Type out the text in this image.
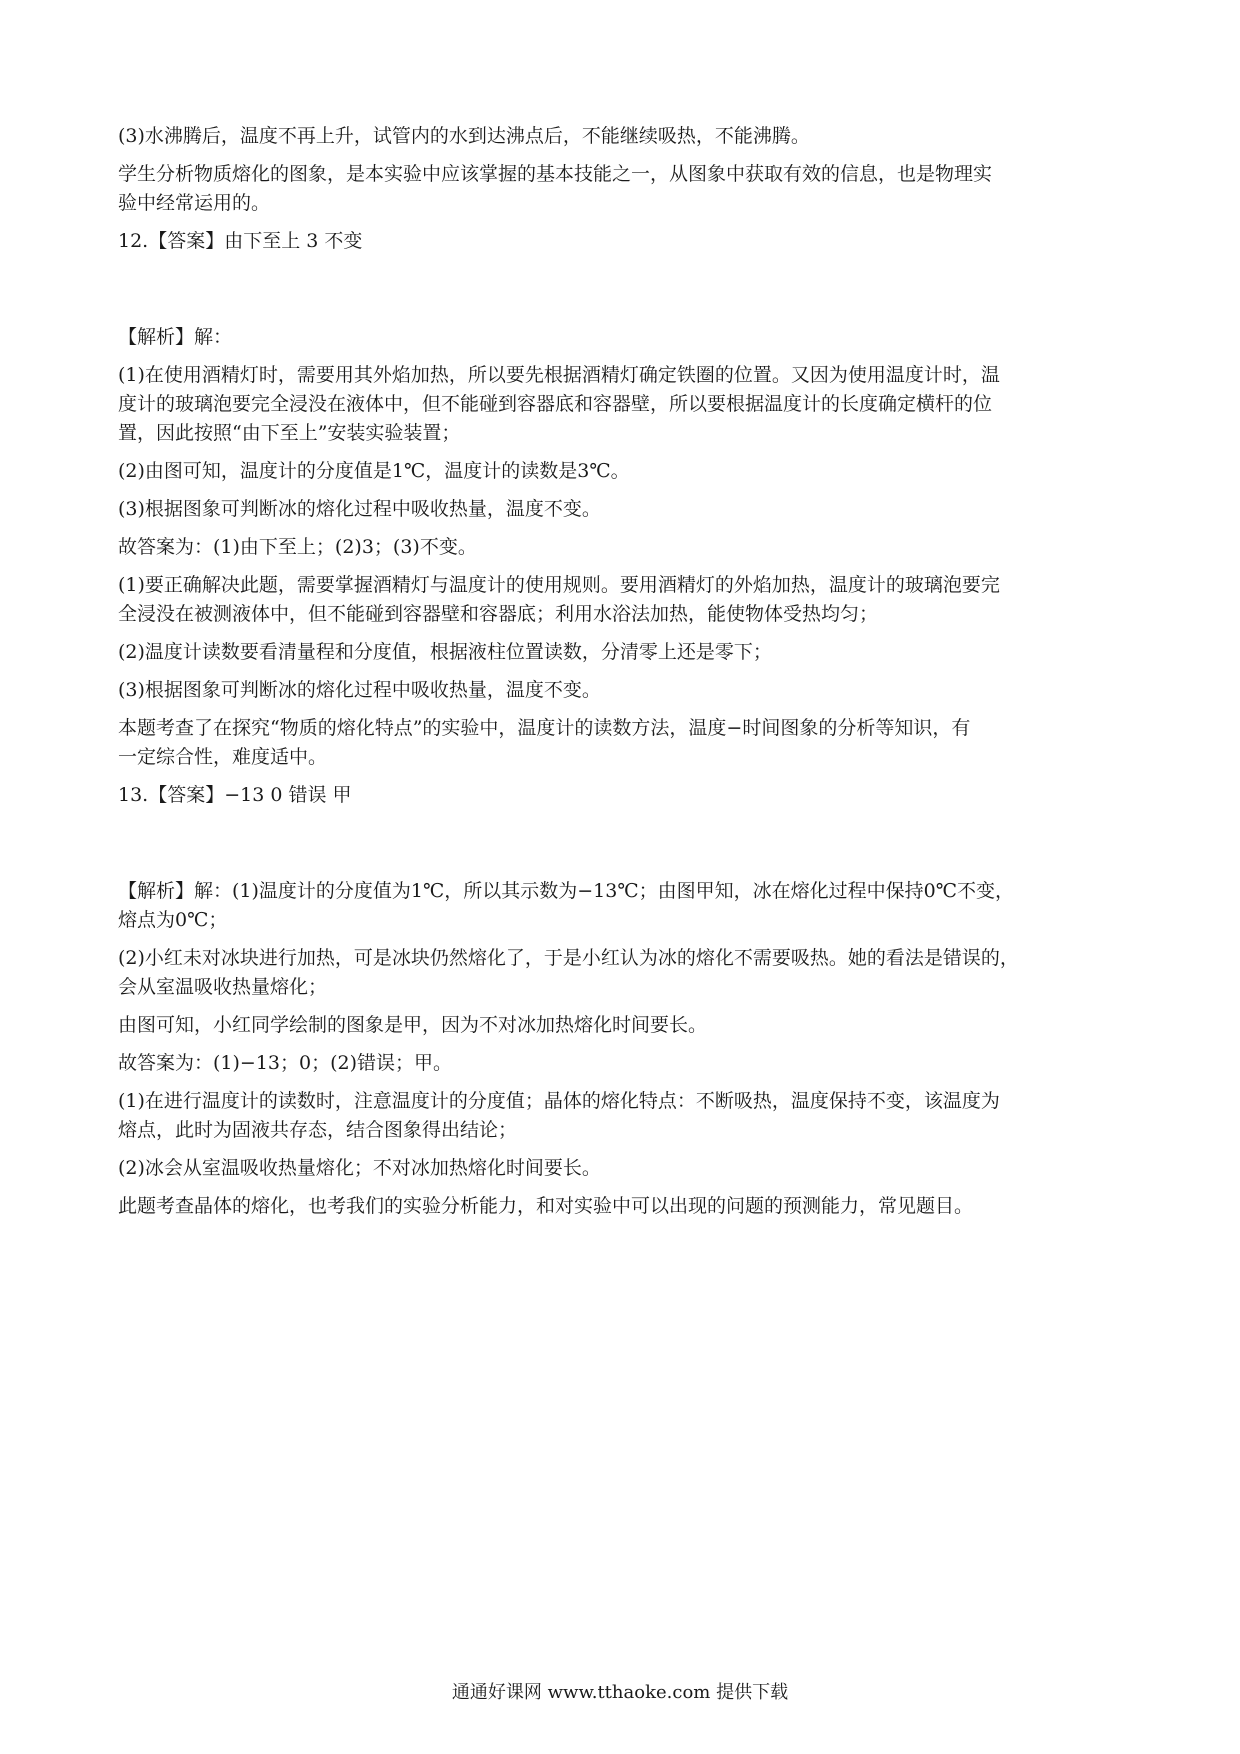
(3)水沸腾后，温度不再上升，试管内的水到达沸点后，不能继续吸热，不能沸腾。
学生分析物质熔化的图象，是本实验中应该掌握的基本技能之一，从图象中获取有效的信息，也是物理实
验中经常运用的。
12.【答案】由下至上 3 不变
【解析】解：
(1)在使用酒精灯时，需要用其外焰加热，所以要先根据酒精灯确定铁圈的位置。又因为使用温度计时，温
度计的玻璃泡要完全浸没在液体中，但不能碰到容器底和容器壁，所以要根据温度计的长度确定横杆的位
置，因此按照“由下至上”安装实验装置；
(2)由图可知，温度计的分度值是1℃，温度计的读数是3℃。
(3)根据图象可判断冰的熔化过程中吸收热量，温度不变。
故答案为：(1)由下至上；(2)3；(3)不变。
(1)要正确解决此题，需要掌握酒精灯与温度计的使用规则。要用酒精灯的外焰加热，温度计的玻璃泡要完
全浸没在被测液体中，但不能碰到容器壁和容器底；利用水浴法加热，能使物体受热均匀；
(2)温度计读数要看清量程和分度值，根据液柱位置读数，分清零上还是零下；
(3)根据图象可判断冰的熔化过程中吸收热量，温度不变。
本题考查了在探究“物质的熔化特点”的实验中，温度计的读数方法，温度−时间图象的分析等知识，有
一定综合性，难度适中。
13.【答案】−13 0 错误 甲
【解析】解：(1)温度计的分度值为1℃，所以其示数为−13℃；由图甲知，冰在熔化过程中保持0℃不变，
熔点为0℃；
(2)小红未对冰块进行加热，可是冰块仍然熔化了，于是小红认为冰的熔化不需要吸热。她的看法是错误的，
会从室温吸收热量熔化；
由图可知，小红同学绘制的图象是甲，因为不对冰加热熔化时间要长。
故答案为：(1)−13；0；(2)错误；甲。
(1)在进行温度计的读数时，注意温度计的分度值；晶体的熔化特点：不断吸热，温度保持不变，该温度为
熔点，此时为固液共存态，结合图象得出结论；
(2)冰会从室温吸收热量熔化；不对冰加热熔化时间要长。
此题考查晶体的熔化，也考我们的实验分析能力，和对实验中可以出现的问题的预测能力，常见题目。
通通好课网 www.tthaoke.com 提供下载
